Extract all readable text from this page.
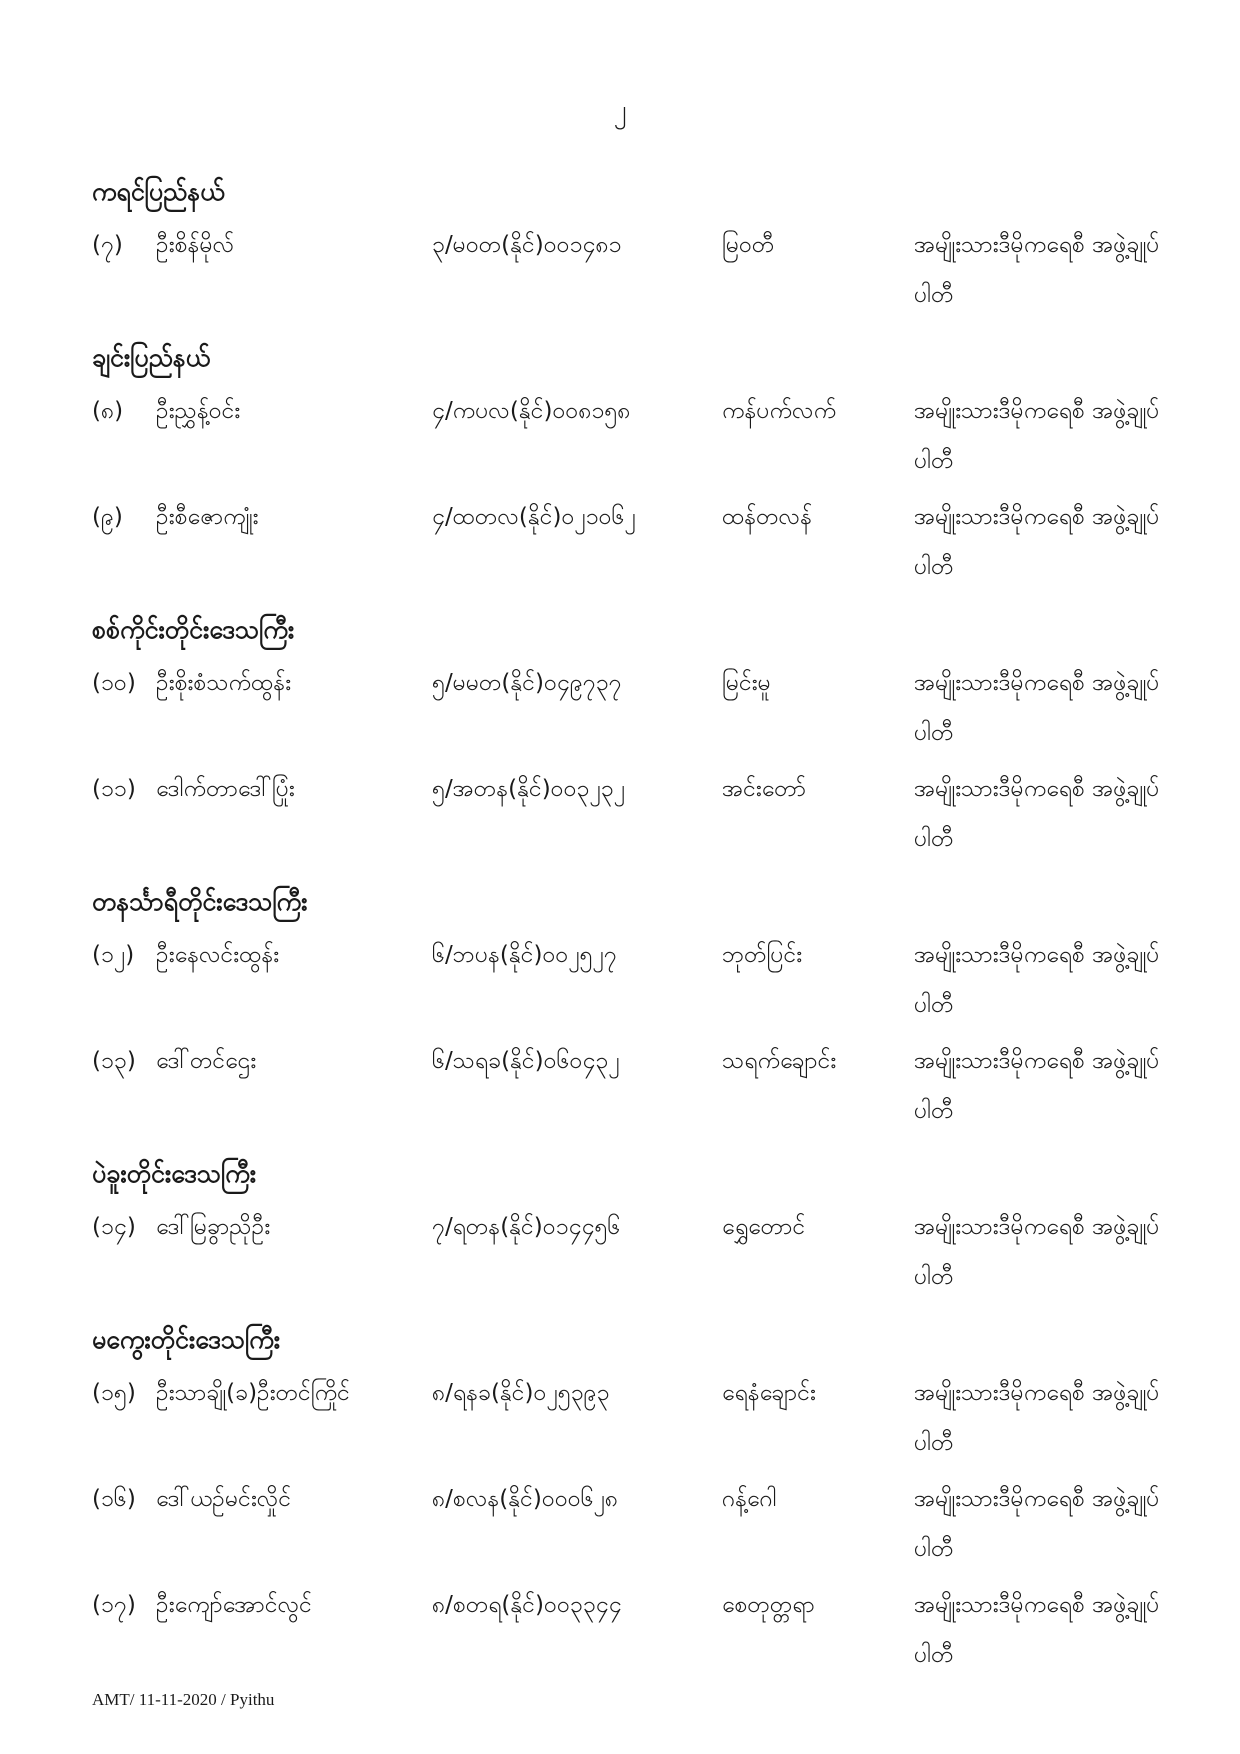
၂
ကရင်ပြည်နယ်
(၇) ဦးစိန်မိုလ်	၃/မဝတ(နိုင်)၀၀၁၄၈၁	မြဝတီ	အမျိုးသားဒီမိုကရေစီ အဖွဲ့ချုပ်ပါတီ
ချင်းပြည်နယ်
(၈) ဦးညွှန့်ဝင်း	၄/ကပလ(နိုင်)၀၀၈၁၅၈	ကန်ပက်လက်	အမျိုးသားဒီမိုကရေစီ အဖွဲ့ချုပ်ပါတီ
(၉) ဦးစီဇောကျုံး	၄/ထတလ(နိုင်)၀၂၁၀၆၂	ထန်တလန်	အမျိုးသားဒီမိုကရေစီ အဖွဲ့ချုပ်ပါတီ
စစ်ကိုင်းတိုင်းဒေသကြီး
(၁၀) ဦးစိုးစံသက်ထွန်း	၅/မမတ(နိုင်)၀၄၉၇၃၇	မြင်းမူ	အမျိုးသားဒီမိုကရေစီ အဖွဲ့ချုပ်ပါတီ
(၁၁) ဒေါက်တာဒေါ်ပြုံး	၅/အတန(နိုင်)၀၀၃၂၃၂	အင်းတော်	အမျိုးသားဒီမိုကရေစီ အဖွဲ့ချုပ်ပါတီ
တနင်္သာရီတိုင်းဒေသကြီး
(၁၂) ဦးနေလင်းထွန်း	၆/ဘပန(နိုင်)၀၀၂၅၂၇	ဘုတ်ပြင်း	အမျိုးသားဒီမိုကရေစီ အဖွဲ့ချုပ်ပါတီ
(၁၃) ဒေါ်တင်ဌေး	၆/သရခ(နိုင်)၀၆၀၄၃၂	သရက်ချောင်း	အမျိုးသားဒီမိုကရေစီ အဖွဲ့ချုပ်ပါတီ
ပဲခူးတိုင်းဒေသကြီး
(၁၄) ဒေါ်မြခွာညိုဦး	၇/ရတန(နိုင်)၀၁၄၄၅၆	ရွှေတောင်	အမျိုးသားဒီမိုကရေစီ အဖွဲ့ချုပ်ပါတီ
မကွေးတိုင်းဒေသကြီး
(၁၅) ဦးသာချို(ခ)ဦးတင်ကြိုင်	၈/ရနခ(နိုင်)၀၂၅၃၉၃	ရေနံချောင်း	အမျိုးသားဒီမိုကရေစီ အဖွဲ့ချုပ်ပါတီ
(၁၆) ဒေါ်ယဉ်မင်းလှိုင်	၈/စလန(နိုင်)၀၀၀၆၂၈	ဂန့်ဂေါ	အမျိုးသားဒီမိုကရေစီ အဖွဲ့ချုပ်ပါတီ
(၁၇) ဦးကျော်အောင်လွင်	၈/စတရ(နိုင်)၀၀၃၃၄၄	စေတုတ္တရာ	အမျိုးသားဒီမိုကရေစီ အဖွဲ့ချုပ်ပါတီ
AMT/ 11-11-2020 / Pyithu
